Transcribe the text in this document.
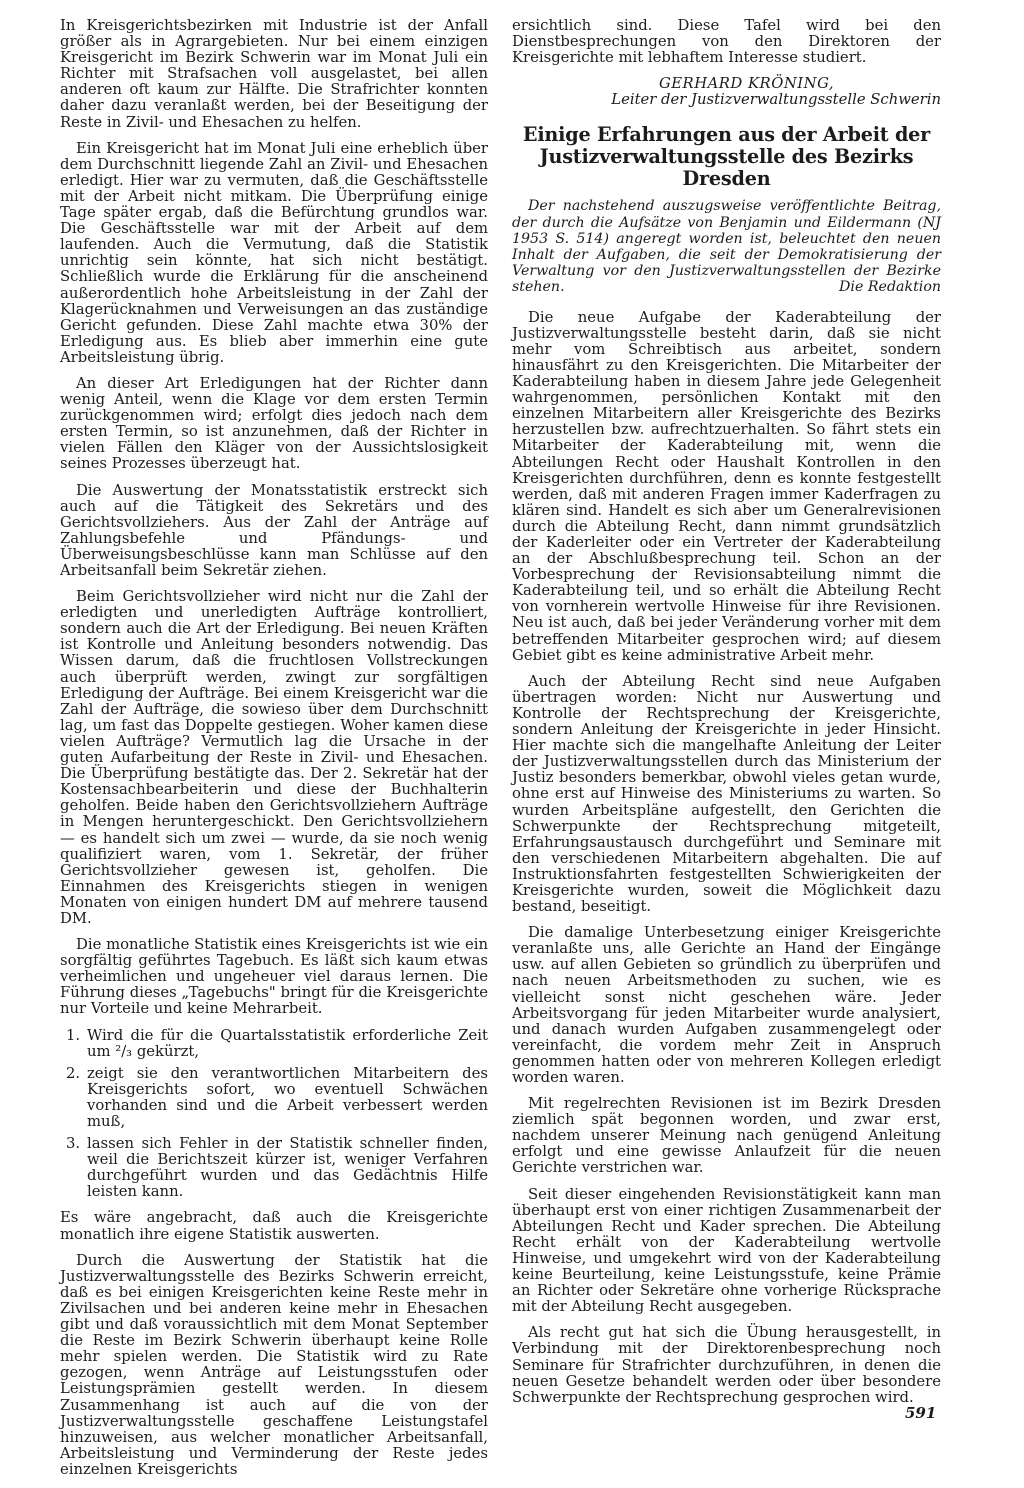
In Kreisgerichtsbezirken mit Industrie ist der Anfall größer als in Agrargebieten. Nur bei einem einzigen Kreisgericht im Bezirk Schwerin war im Monat Juli ein Richter mit Strafsachen voll ausgelastet, bei allen anderen oft kaum zur Hälfte. Die Strafrichter konnten daher dazu veranlaßt werden, bei der Beseitigung der Reste in Zivil- und Ehesachen zu helfen.

Ein Kreisgericht hat im Monat Juli eine erheblich über dem Durchschnitt liegende Zahl an Zivil- und Ehesachen erledigt. Hier war zu vermuten, daß die Geschäftsstelle mit der Arbeit nicht mitkam. Die Überprüfung einige Tage später ergab, daß die Befürchtung grundlos war. Die Geschäftsstelle war mit der Arbeit auf dem laufenden. Auch die Vermutung, daß die Statistik unrichtig sein könnte, hat sich nicht bestätigt. Schließlich wurde die Erklärung für die anscheinend außerordentlich hohe Arbeitsleistung in der Zahl der Klagerücknahmen und Verweisungen an das zuständige Gericht gefunden. Diese Zahl machte etwa 30% der Erledigung aus. Es blieb aber immerhin eine gute Arbeitsleistung übrig.

An dieser Art Erledigungen hat der Richter dann wenig Anteil, wenn die Klage vor dem ersten Termin zurückgenommen wird; erfolgt dies jedoch nach dem ersten Termin, so ist anzunehmen, daß der Richter in vielen Fällen den Kläger von der Aussichtslosigkeit seines Prozesses überzeugt hat.

Die Auswertung der Monatsstatistik erstreckt sich auch auf die Tätigkeit des Sekretärs und des Gerichtsvollziehers. Aus der Zahl der Anträge auf Zahlungsbefehle und Pfändungs- und Überweisungsbeschlüsse kann man Schlüsse auf den Arbeitsanfall beim Sekretär ziehen.

Beim Gerichtsvollzieher wird nicht nur die Zahl der erledigten und unerledigten Aufträge kontrolliert, sondern auch die Art der Erledigung. Bei neuen Kräften ist Kontrolle und Anleitung besonders notwendig. Das Wissen darum, daß die fruchtlosen Vollstreckungen auch überprüft werden, zwingt zur sorgfältigen Erledigung der Aufträge. Bei einem Kreisgericht war die Zahl der Aufträge, die sowieso über dem Durchschnitt lag, um fast das Doppelte gestiegen. Woher kamen diese vielen Aufträge? Vermutlich lag die Ursache in der guten Aufarbeitung der Reste in Zivil- und Ehesachen. Die Überprüfung bestätigte das. Der 2. Sekretär hat der Kostensachbearbeiterin und diese der Buchhalterin geholfen. Beide haben den Gerichtsvollziehern Aufträge in Mengen heruntergeschickt. Den Gerichtsvollziehern — es handelt sich um zwei — wurde, da sie noch wenig qualifiziert waren, vom 1. Sekretär, der früher Gerichtsvollzieher gewesen ist, geholfen. Die Einnahmen des Kreisgerichts stiegen in wenigen Monaten von einigen hundert DM auf mehrere tausend DM.

Die monatliche Statistik eines Kreisgerichts ist wie ein sorgfältig geführtes Tagebuch. Es läßt sich kaum etwas verheimlichen und ungeheuer viel daraus lernen. Die Führung dieses „Tagebuchs" bringt für die Kreisgerichte nur Vorteile und keine Mehrarbeit.

1. Wird die für die Quartalsstatistik erforderliche Zeit um ²/₃ gekürzt,
2. zeigt sie den verantwortlichen Mitarbeitern des Kreisgerichts sofort, wo eventuell Schwächen vorhanden sind und die Arbeit verbessert werden muß,
3. lassen sich Fehler in der Statistik schneller finden, weil die Berichtszeit kürzer ist, weniger Verfahren durchgeführt wurden und das Gedächtnis Hilfe leisten kann.

Es wäre angebracht, daß auch die Kreisgerichte monatlich ihre eigene Statistik auswerten.

Durch die Auswertung der Statistik hat die Justizverwaltungsstelle des Bezirks Schwerin erreicht, daß es bei einigen Kreisgerichten keine Reste mehr in Zivilsachen und bei anderen keine mehr in Ehesachen gibt und daß voraussichtlich mit dem Monat September die Reste im Bezirk Schwerin überhaupt keine Rolle mehr spielen werden. Die Statistik wird zu Rate gezogen, wenn Anträge auf Leistungsstufen oder Leistungsprämien gestellt werden. In diesem Zusammenhang ist auch auf die von der Justizverwaltungsstelle geschaffene Leistungstafel hinzuweisen, aus welcher monatlicher Arbeitsanfall, Arbeitsleistung und Verminderung der Reste jedes einzelnen Kreisgerichts

ersichtlich sind. Diese Tafel wird bei den Dienstbesprechungen von den Direktoren der Kreisgerichte mit lebhaftem Interesse studiert.

GERHARD KRÖNING,
Leiter der Justizverwaltungsstelle Schwerin
Einige Erfahrungen aus der Arbeit der
Justizverwaltungsstelle des Bezirks Dresden
Der nachstehend auszugsweise veröffentlichte Beitrag, der durch die Aufsätze von Benjamin und Eildermann (NJ 1953 S. 514) angeregt worden ist, beleuchtet den neuen Inhalt der Aufgaben, die seit der Demokratisierung der Verwaltung vor den Justizverwaltungsstellen der Bezirke stehen.	Die Redaktion

Die neue Aufgabe der Kaderabteilung der Justizverwaltungsstelle besteht darin, daß sie nicht mehr vom Schreibtisch aus arbeitet, sondern hinausfährt zu den Kreisgerichten. Die Mitarbeiter der Kaderabteilung haben in diesem Jahre jede Gelegenheit wahrgenommen, persönlichen Kontakt mit den einzelnen Mitarbeitern aller Kreisgerichte des Bezirks herzustellen bzw. aufrechtzuerhalten. So fährt stets ein Mitarbeiter der Kaderabteilung mit, wenn die Abteilungen Recht oder Haushalt Kontrollen in den Kreisgerichten durchführen, denn es konnte festgestellt werden, daß mit anderen Fragen immer Kaderfragen zu klären sind. Handelt es sich aber um Generalrevisionen durch die Abteilung Recht, dann nimmt grundsätzlich der Kaderleiter oder ein Vertreter der Kaderabteilung an der Abschlußbesprechung teil. Schon an der Vorbesprechung der Revisionsabteilung nimmt die Kaderabteilung teil, und so erhält die Abteilung Recht von vornherein wertvolle Hinweise für ihre Revisionen. Neu ist auch, daß bei jeder Veränderung vorher mit dem betreffenden Mitarbeiter gesprochen wird; auf diesem Gebiet gibt es keine administrative Arbeit mehr.

Auch der Abteilung Recht sind neue Aufgaben übertragen worden: Nicht nur Auswertung und Kontrolle der Rechtsprechung der Kreisgerichte, sondern Anleitung der Kreisgerichte in jeder Hinsicht. Hier machte sich die mangelhafte Anleitung der Leiter der Justizverwaltungsstellen durch das Ministerium der Justiz besonders bemerkbar, obwohl vieles getan wurde, ohne erst auf Hinweise des Ministeriums zu warten. So wurden Arbeitspläne aufgestellt, den Gerichten die Schwerpunkte der Rechtsprechung mitgeteilt, Erfahrungsaustausch durchgeführt und Seminare mit den verschiedenen Mitarbeitern abgehalten. Die auf Instruktionsfahrten festgestellten Schwierigkeiten der Kreisgerichte wurden, soweit die Möglichkeit dazu bestand, beseitigt.

Die damalige Unterbesetzung einiger Kreisgerichte veranlaßte uns, alle Gerichte an Hand der Eingänge usw. auf allen Gebieten so gründlich zu überprüfen und nach neuen Arbeitsmethoden zu suchen, wie es vielleicht sonst nicht geschehen wäre. Jeder Arbeitsvorgang für jeden Mitarbeiter wurde analysiert, und danach wurden Aufgaben zusammengelegt oder vereinfacht, die vordem mehr Zeit in Anspruch genommen hatten oder von mehreren Kollegen erledigt worden waren.

Mit regelrechten Revisionen ist im Bezirk Dresden ziemlich spät begonnen worden, und zwar erst, nachdem unserer Meinung nach genügend Anleitung erfolgt und eine gewisse Anlaufzeit für die neuen Gerichte verstrichen war.

Seit dieser eingehenden Revisionstätigkeit kann man überhaupt erst von einer richtigen Zusammenarbeit der Abteilungen Recht und Kader sprechen. Die Abteilung Recht erhält von der Kaderabteilung wertvolle Hinweise, und umgekehrt wird von der Kaderabteilung keine Beurteilung, keine Leistungsstufe, keine Prämie an Richter oder Sekretäre ohne vorherige Rücksprache mit der Abteilung Recht ausgegeben.

Als recht gut hat sich die Übung herausgestellt, in Verbindung mit der Direktorenbesprechung noch Seminare für Strafrichter durchzuführen, in denen die neuen Gesetze behandelt werden oder über besondere Schwerpunkte der Rechtsprechung gesprochen wird.

591
